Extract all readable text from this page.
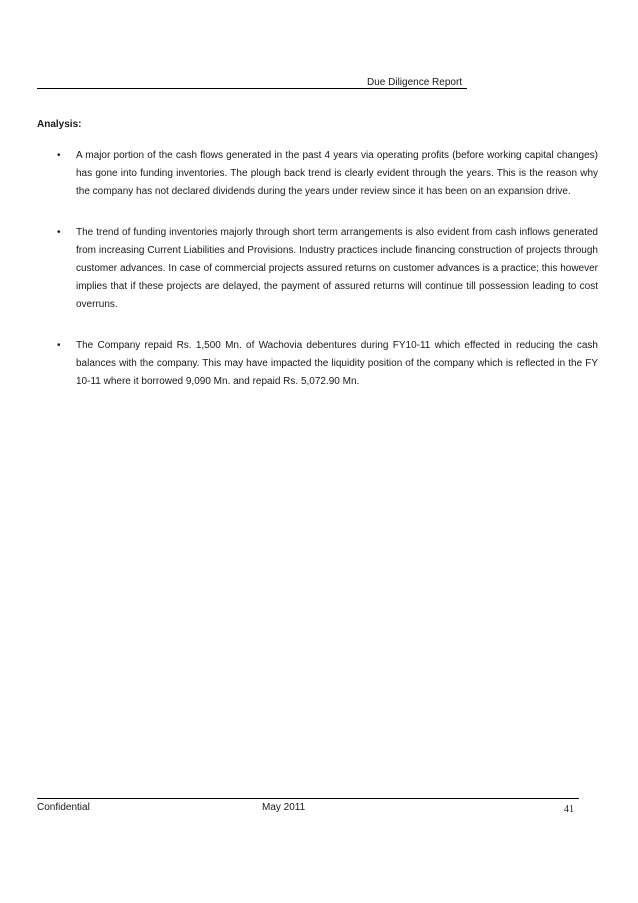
Due Diligence Report
Analysis:
• A major portion of the cash flows generated in the past 4 years via operating profits (before working capital changes) has gone into funding inventories. The plough back trend is clearly evident through the years. This is the reason why the company has not declared dividends during the years under review since it has been on an expansion drive.
• The trend of funding inventories majorly through short term arrangements is also evident from cash inflows generated from increasing Current Liabilities and Provisions. Industry practices include financing construction of projects through customer advances. In case of commercial projects assured returns on customer advances is a practice; this however implies that if these projects are delayed, the payment of assured returns will continue till possession leading to cost overruns.
• The Company repaid Rs. 1,500 Mn. of Wachovia debentures during FY10-11 which effected in reducing the cash balances with the company. This may have impacted the liquidity position of the company which is reflected in the FY 10-11 where it borrowed 9,090 Mn. and repaid Rs. 5,072.90 Mn.
Confidential	May 2011	41
